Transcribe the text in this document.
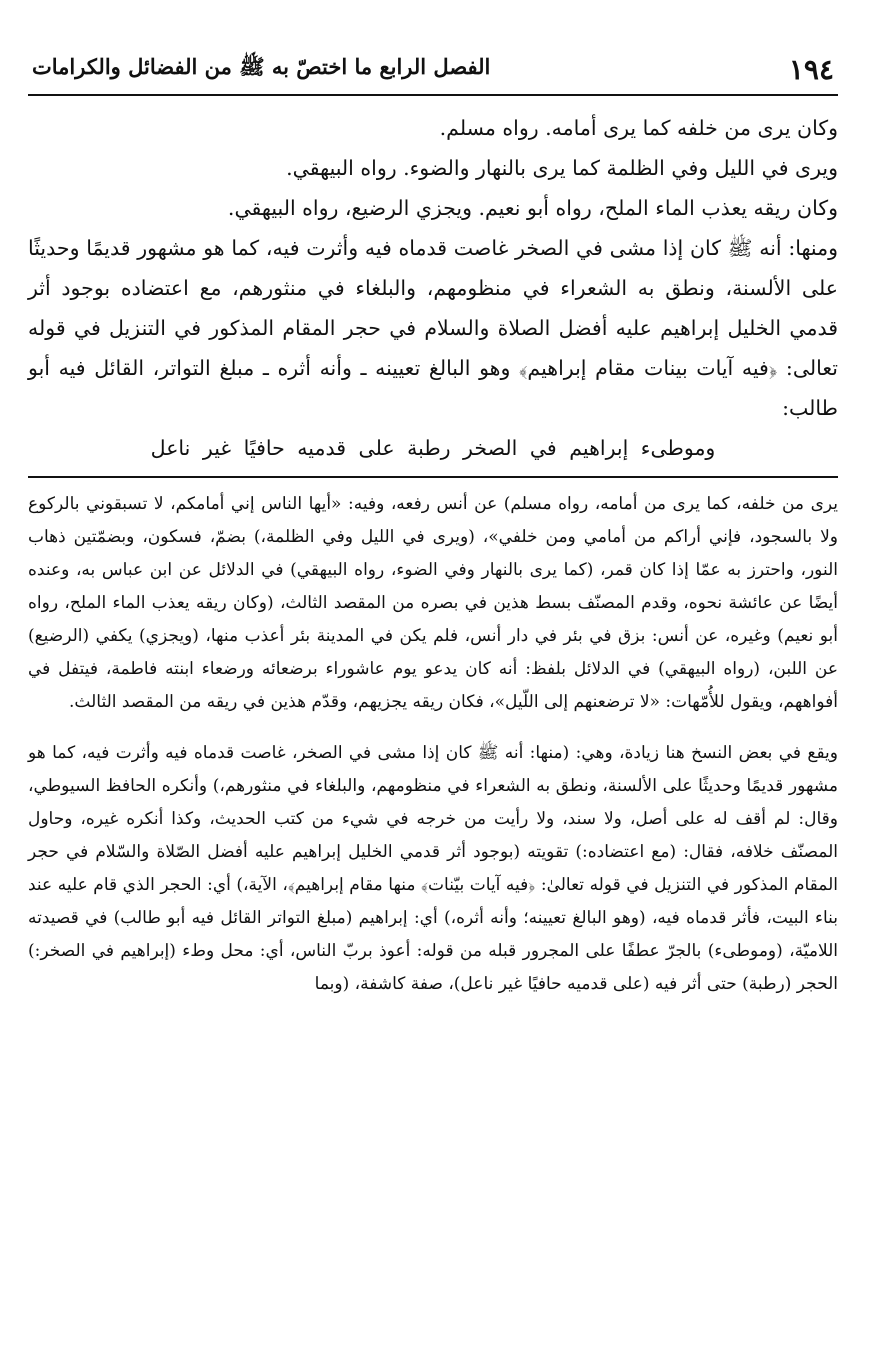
١٩٤
الفصل الرابع ما اختصّ به ﷺ من الفضائل والكرامات

وكان يرى من خلفه كما يرى أمامه. رواه مسلم.

ويرى في الليل وفي الظلمة كما يرى بالنهار والضوء. رواه البيهقي.

وكان ريقه يعذب الماء الملح، رواه أبو نعيم. ويجزي الرضيع، رواه البيهقي.

ومنها: أنه ﷺ كان إذا مشى في الصخر غاصت قدماه فيه وأثرت فيه، كما هو مشهور قديمًا وحديثًا على الألسنة، ونطق به الشعراء في منظومهم، والبلغاء في منثورهم، مع اعتضاده بوجود أثر قدمي الخليل إبراهيم عليه أفضل الصلاة والسلام في حجر المقام المذكور في التنزيل في قوله تعالى: ﴿فيه آيات بينات مقام إبراهيم﴾ وهو البالغ تعيينه ـ وأنه أثره ـ مبلغ التواتر، القائل فيه أبو طالب:

وموطىء إبراهيم في الصخر رطبة على قدميه حافيًا غير ناعل

يرى من خلفه، كما يرى من أمامه، رواه مسلم) عن أنس رفعه، وفيه: «أيها الناس إني أمامكم، لا تسبقوني بالركوع ولا بالسجود، فإني أراكم من أمامي ومن خلفي»، (ويرى في الليل وفي الظلمة،) بضمّ، فسكون، وبضمّتين ذهاب النور، واحترز به عمّا إذا كان قمر، (كما يرى بالنهار وفي الضوء، رواه البيهقي) في الدلائل عن ابن عباس به، وعنده أيضًا عن عائشة نحوه، وقدم المصنّف بسط هذين في بصره من المقصد الثالث، (وكان ريقه يعذب الماء الملح، رواه أبو نعيم) وغيره، عن أنس: بزق في بئر في دار أنس، فلم يكن في المدينة بئر أعذب منها، (ويجزي) يكفي (الرضيع) عن اللبن، (رواه البيهقي) في الدلائل بلفظ: أنه كان يدعو يوم عاشوراء برضعائه ورضعاء ابنته فاطمة، فيتفل في أفواههم، ويقول للأُمّهات: «لا ترضعنهم إلى اللّيل»، فكان ريقه يجزيهم، وقدّم هذين في ريقه من المقصد الثالث.

ويقع في بعض النسخ هنا زيادة، وهي: (منها: أنه ﷺ كان إذا مشى في الصخر، غاصت قدماه فيه وأثرت فيه، كما هو مشهور قديمًا وحديثًا على الألسنة، ونطق به الشعراء في منظومهم، والبلغاء في منثورهم،) وأنكره الحافظ السيوطي، وقال: لم أقف له على أصل، ولا سند، ولا رأيت من خرجه في شيء من كتب الحديث، وكذا أنكره غيره، وحاول المصنّف خلافه، فقال: (مع اعتضاده:) تقويته (بوجود أثر قدمي الخليل إبراهيم عليه أفضل الصّلاة والسّلام في حجر المقام المذكور في التنزيل في قوله تعالىٰ: ﴿فيه آيات بيّنات﴾ منها مقام إبراهيم﴾، الآية،) أي: الحجر الذي قام عليه عند بناء البيت، فأثر قدماه فيه، (وهو البالغ تعيينه؛ وأنه أثره،) أي: إبراهيم (مبلغ التواتر القائل فيه أبو طالب) في قصيدته اللاميّة، (وموطىء) بالجرّ عطفًا على المجرور قبله من قوله: أعوذ بربّ الناس، أي: محل وطء (إبراهيم في الصخر:) الحجر (رطبة) حتى أثر فيه (على قدميه حافيًا غير ناعل)، صفة كاشفة، (وبما
